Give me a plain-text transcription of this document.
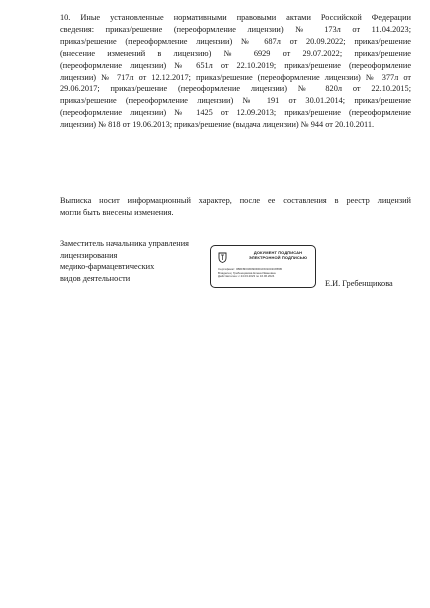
10. Иные установленные нормативными правовыми актами Российской Федерации
сведения: приказ/решение (переоформление лицензии) № 173л от 11.04.2023;
приказ/решение (переоформление лицензии) № 687л от 20.09.2022; приказ/решение
(внесение изменений в лицензию) № 6929 от 29.07.2022; приказ/решение
(переоформление лицензии) № 651л от 22.10.2019; приказ/решение (переоформление
лицензии) № 717л от 12.12.2017; приказ/решение (переоформление лицензии) № 377л от
29.06.2017; приказ/решение (переоформление лицензии) № 820л от 22.10.2015;
приказ/решение (переоформление лицензии) № 191 от 30.01.2014; приказ/решение
(переоформление лицензии) № 1425 от 12.09.2013; приказ/решение (переоформление
лицензии) № 818 от 19.06.2013; приказ/решение (выдача лицензии) № 944 от 20.10.2011.
Выписка носит информационный характер, после ее составления в реестр лицензий
могли быть внесены изменения.
Заместитель начальника управления
лицензирования
медико-фармацевтических
видов деятельности
ДОКУМЕНТ ПОДПИСАН
ЭЛЕКТРОННОЙ ПОДПИСЬЮ
Сертификат: 0B6F8F030090DD1F631043C865B
Владелец: Гребенщикова Елена Ивановна
Действителен: с 24.03.2023 по 16.06.2024
Е.И. Гребенщикова
